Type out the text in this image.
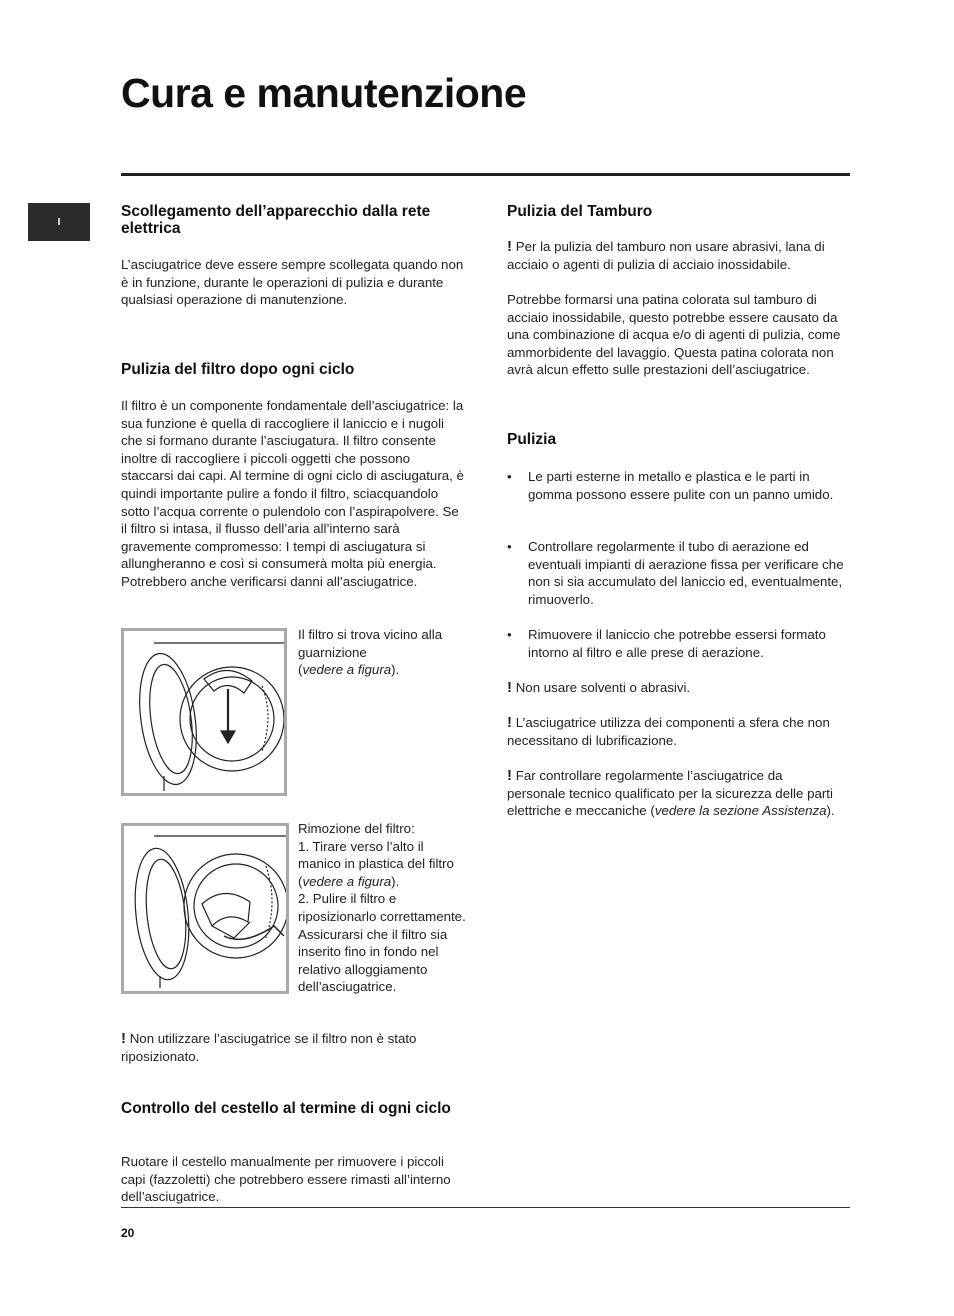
Cura e manutenzione
I
Scollegamento dell’apparecchio dalla rete elettrica

L’asciugatrice deve essere sempre scollegata quando non è in funzione, durante le operazioni di pulizia e durante qualsiasi operazione di manutenzione.

Pulizia del filtro dopo ogni ciclo

Il filtro è un componente fondamentale dell’asciugatrice: la sua funzione è quella di raccogliere il laniccio e i nugoli che si formano durante l’asciugatura. Il filtro consente inoltre di raccogliere i piccoli oggetti che possono staccarsi dai capi. Al termine di ogni ciclo di asciugatura, è quindi importante pulire a fondo il filtro, sciacquandolo sotto l’acqua corrente o pulendolo con l’aspirapolvere. Se il filtro si intasa, il flusso dell’aria all’interno sarà gravemente compromesso: I tempi di asciugatura si allungheranno e così si consumerà molta più energia. Potrebbero anche verificarsi danni all’asciugatrice.

Il filtro si trova vicino alla guarnizione
(vedere a figura).

Rimozione del filtro:
1. Tirare verso l’alto il manico in plastica del filtro (vedere a figura).
2. Pulire il filtro e riposizionarlo correttamente. Assicurarsi che il filtro sia inserito fino in fondo nel relativo alloggiamento dell’asciugatrice.

! Non utilizzare l’asciugatrice se il filtro non è stato riposizionato.

Controllo del cestello al termine di ogni ciclo

Ruotare il cestello manualmente per rimuovere i piccoli capi (fazzoletti) che potrebbero essere rimasti all’interno dell’asciugatrice.

Pulizia del Tamburo

! Per la pulizia del tamburo non usare abrasivi, lana di acciaio o agenti di pulizia di acciaio inossidabile.

Potrebbe formarsi una patina colorata sul tamburo di acciaio inossidabile, questo potrebbe essere causato da una combinazione di acqua e/o di agenti di pulizia, come ammorbidente del lavaggio. Questa patina colorata non avrà alcun effetto sulle prestazioni dell’asciugatrice.

Pulizia
• Le parti esterne in metallo e plastica e le parti in gomma possono essere pulite con un panno umido.
• Controllare regolarmente il tubo di aerazione ed eventuali impianti di aerazione fissa per verificare che non si sia accumulato del laniccio ed, eventualmente, rimuoverlo.
• Rimuovere il laniccio che potrebbe essersi formato intorno al filtro e alle prese di aerazione.

! Non usare solventi o abrasivi.

! L’asciugatrice utilizza dei componenti a sfera che non necessitano di lubrificazione.

! Far controllare regolarmente l’asciugatrice da personale tecnico qualificato per la sicurezza delle parti elettriche e meccaniche (vedere la sezione Assistenza).

20
